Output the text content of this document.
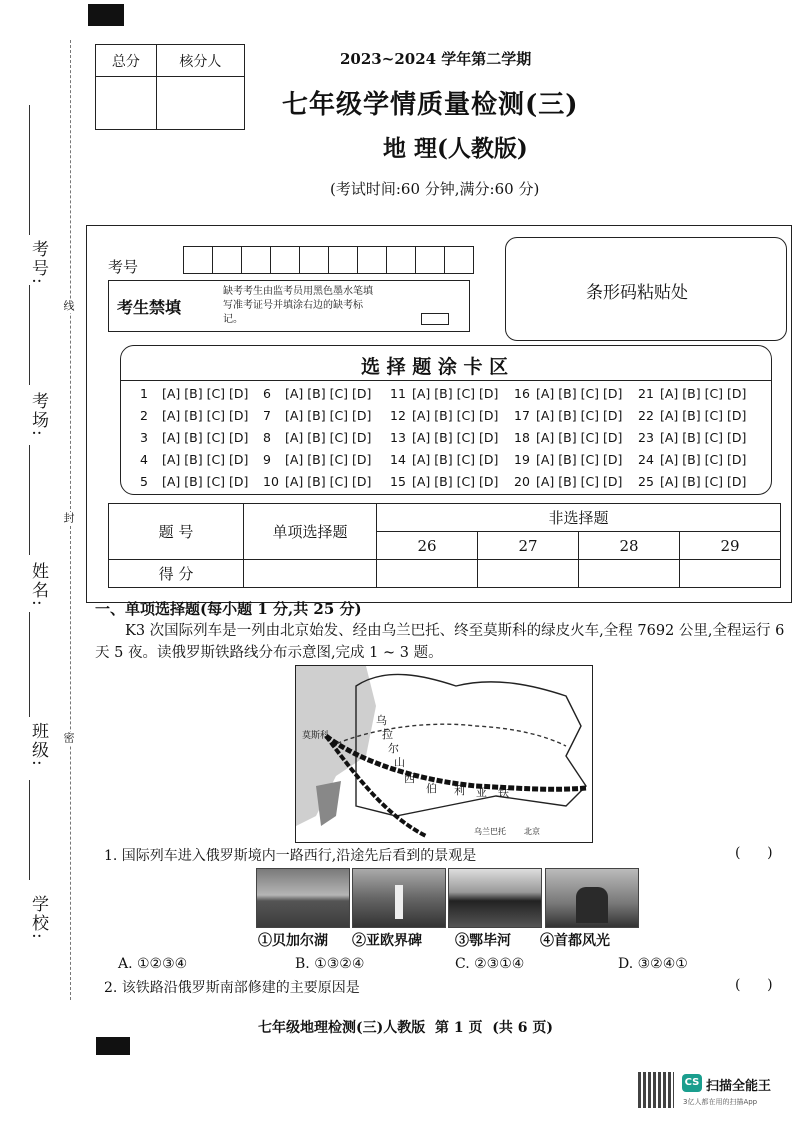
考号:
考场:
姓名:
班级:
学校:
线
封
密
总分	核分人
		2023~2024 学年第二学期
七年级学情质量检测(三)
地 理(人教版)
(考试时间:60 分钟,满分:60 分)
考号
考生禁填
缺考考生由监考员用黑色墨水笔填写准考证号并填涂右边的缺考标记。
条形码粘贴处
选 择 题 涂 卡 区
1 [A] [B] [C] [D]
2 [A] [B] [C] [D]
3 [A] [B] [C] [D]
4 [A] [B] [C] [D]
5 [A] [B] [C] [D]
6 [A] [B] [C] [D]
7 [A] [B] [C] [D]
8 [A] [B] [C] [D]
9 [A] [B] [C] [D]
10 [A] [B] [C] [D]
11 [A] [B] [C] [D]
12 [A] [B] [C] [D]
13 [A] [B] [C] [D]
14 [A] [B] [C] [D]
15 [A] [B] [C] [D]
16 [A] [B] [C] [D]
17 [A] [B] [C] [D]
18 [A] [B] [C] [D]
19 [A] [B] [C] [D]
20 [A] [B] [C] [D]
21 [A] [B] [C] [D]
22 [A] [B] [C] [D]
23 [A] [B] [C] [D]
24 [A] [B] [C] [D]
25 [A] [B] [C] [D]
题 号	单项选择题	非选择题			
		26	27	28	29
得 分					
一、单项选择题(每小题 1 分,共 25 分)
K3 次国际列车是一列由北京始发、经由乌兰巴托、终至莫斯科的绿皮火车,全程 7692 公里,全程运行 6 天 5 夜。读俄罗斯铁路线分布示意图,完成 1 ~ 3 题。
莫斯科
乌
拉
尔
山
西
伯 利 亚 铁
乌兰巴托 北京
1. 国际列车进入俄罗斯境内一路西行,沿途先后看到的景观是	(      )
①贝加尔湖 ②亚欧界碑 ③鄂毕河 ④首都风光
A. ①②③④	B. ①③②④	C. ②③①④	D. ③②④①
2. 该铁路沿俄罗斯南部修建的主要原因是	(      )
七年级地理检测(三)人教版  第 1 页  (共 6 页)
CS 扫描全能王
3亿人都在用的扫描App
